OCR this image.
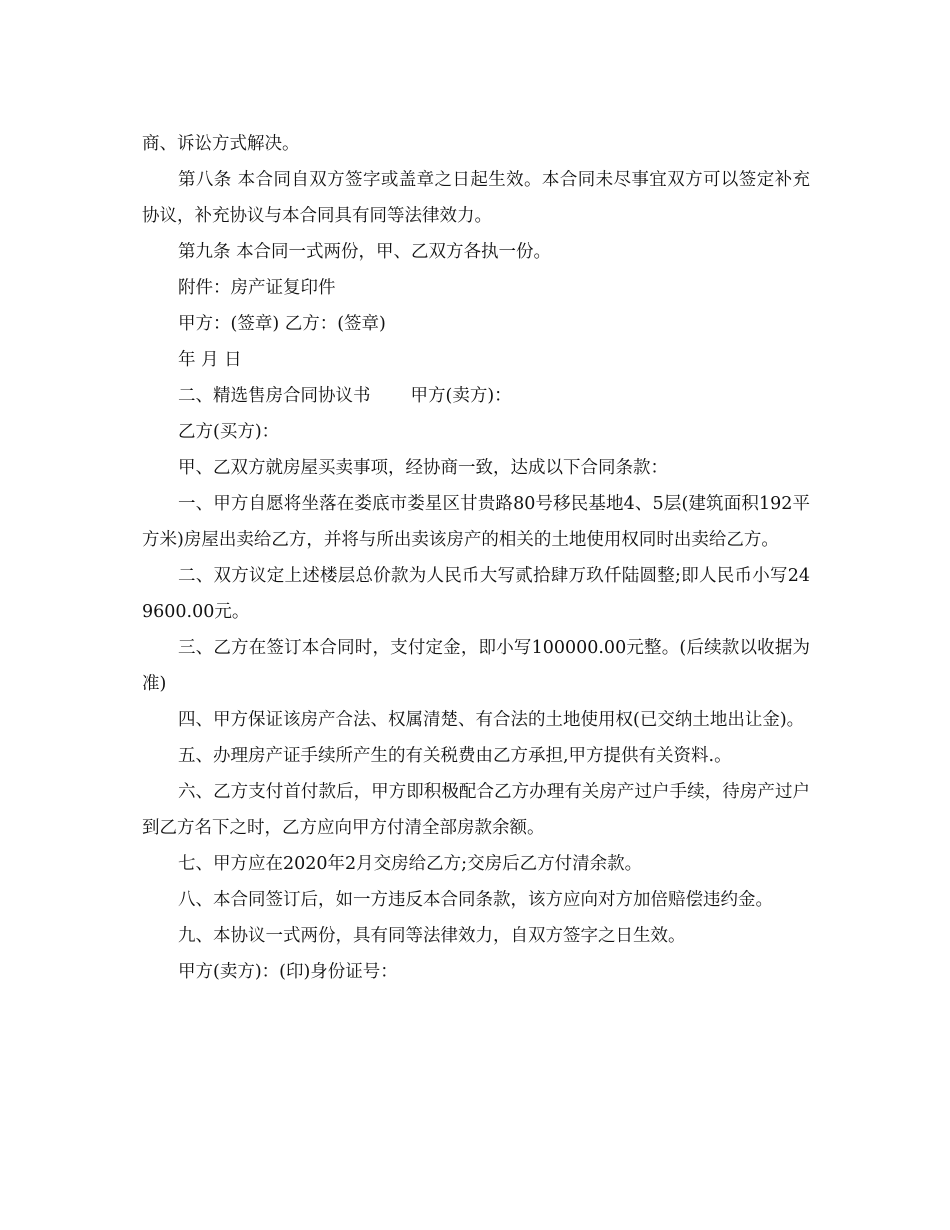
商、诉讼方式解决。

第八条 本合同自双方签字或盖章之日起生效。本合同未尽事宜双方可以签定补充协议，补充协议与本合同具有同等法律效力。

第九条 本合同一式两份，甲、乙双方各执一份。

附件：房产证复印件

甲方：(签章) 乙方：(签章)

年 月 日

二、精选售房合同协议书 甲方(卖方)：

乙方(买方)：

甲、乙双方就房屋买卖事项，经协商一致，达成以下合同条款：

一、甲方自愿将坐落在娄底市娄星区甘贵路80号移民基地4、5层(建筑面积192平方米)房屋出卖给乙方，并将与所出卖该房产的相关的土地使用权同时出卖给乙方。

二、双方议定上述楼层总价款为人民币大写贰拾肆万玖仟陆圆整;即人民币小写249600.00元。

三、乙方在签订本合同时，支付定金，即小写100000.00元整。(后续款以收据为准)

四、甲方保证该房产合法、权属清楚、有合法的土地使用权(已交纳土地出让金)。

五、办理房产证手续所产生的有关税费由乙方承担,甲方提供有关资料.。

六、乙方支付首付款后，甲方即积极配合乙方办理有关房产过户手续，待房产过户到乙方名下之时，乙方应向甲方付清全部房款余额。

七、甲方应在2020年2月交房给乙方;交房后乙方付清余款。

八、本合同签订后，如一方违反本合同条款，该方应向对方加倍赔偿违约金。

九、本协议一式两份，具有同等法律效力，自双方签字之日生效。

甲方(卖方)：(印)身份证号：
